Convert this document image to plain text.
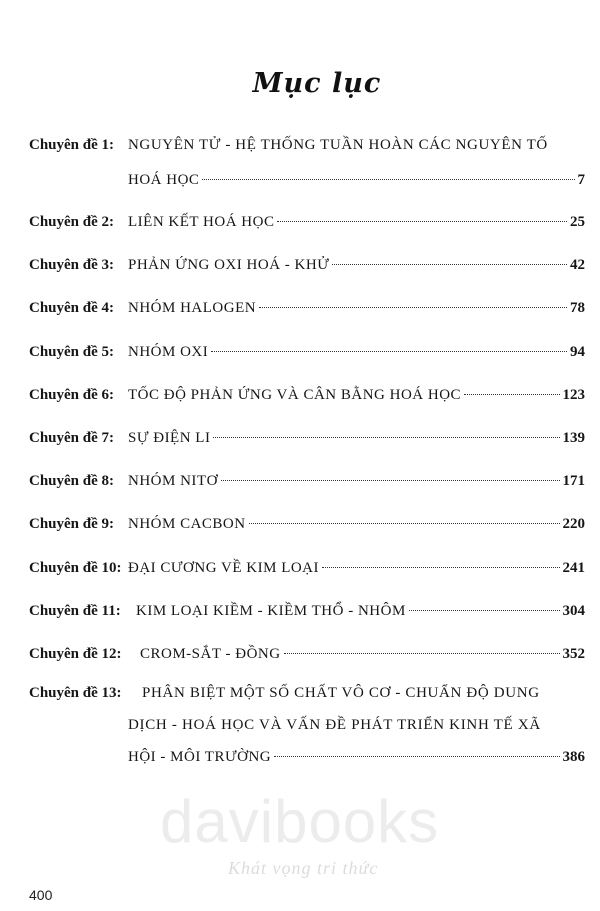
Mục lục
Chuyên đề 1: NGUYÊN TỬ - HỆ THỐNG TUẦN HOÀN CÁC NGUYÊN TỐ
HOÁ HỌC	7
Chuyên đề 2: LIÊN KẾT HOÁ HỌC	25
Chuyên đề 3: PHẢN ỨNG OXI HOÁ - KHỬ	42
Chuyên đề 4: NHÓM HALOGEN	78
Chuyên đề 5: NHÓM OXI	94
Chuyên đề 6: TỐC ĐỘ PHẢN ỨNG VÀ CÂN BẰNG HOÁ HỌC	123
Chuyên đề 7: SỰ ĐIỆN LI	139
Chuyên đề 8: NHÓM NITƠ	171
Chuyên đề 9: NHÓM CACBON	220
Chuyên đề 10: ĐẠI CƯƠNG VỀ KIM LOẠI	241
Chuyên đề 11:	KIM LOẠI KIỀM - KIỀM THỔ - NHÔM	304
Chuyên đề 12:	CROM-SẮT - ĐỒNG	352
Chuyên đề 13:	PHÂN BIỆT MỘT SỐ CHẤT VÔ CƠ - CHUẨN ĐỘ DUNG
DỊCH - HOÁ HỌC VÀ VẤN ĐỀ PHÁT TRIỂN KINH TẾ XÃ
HỘI - MÔI TRƯỜNG	386
davibooks
Khát vọng tri thức
400
